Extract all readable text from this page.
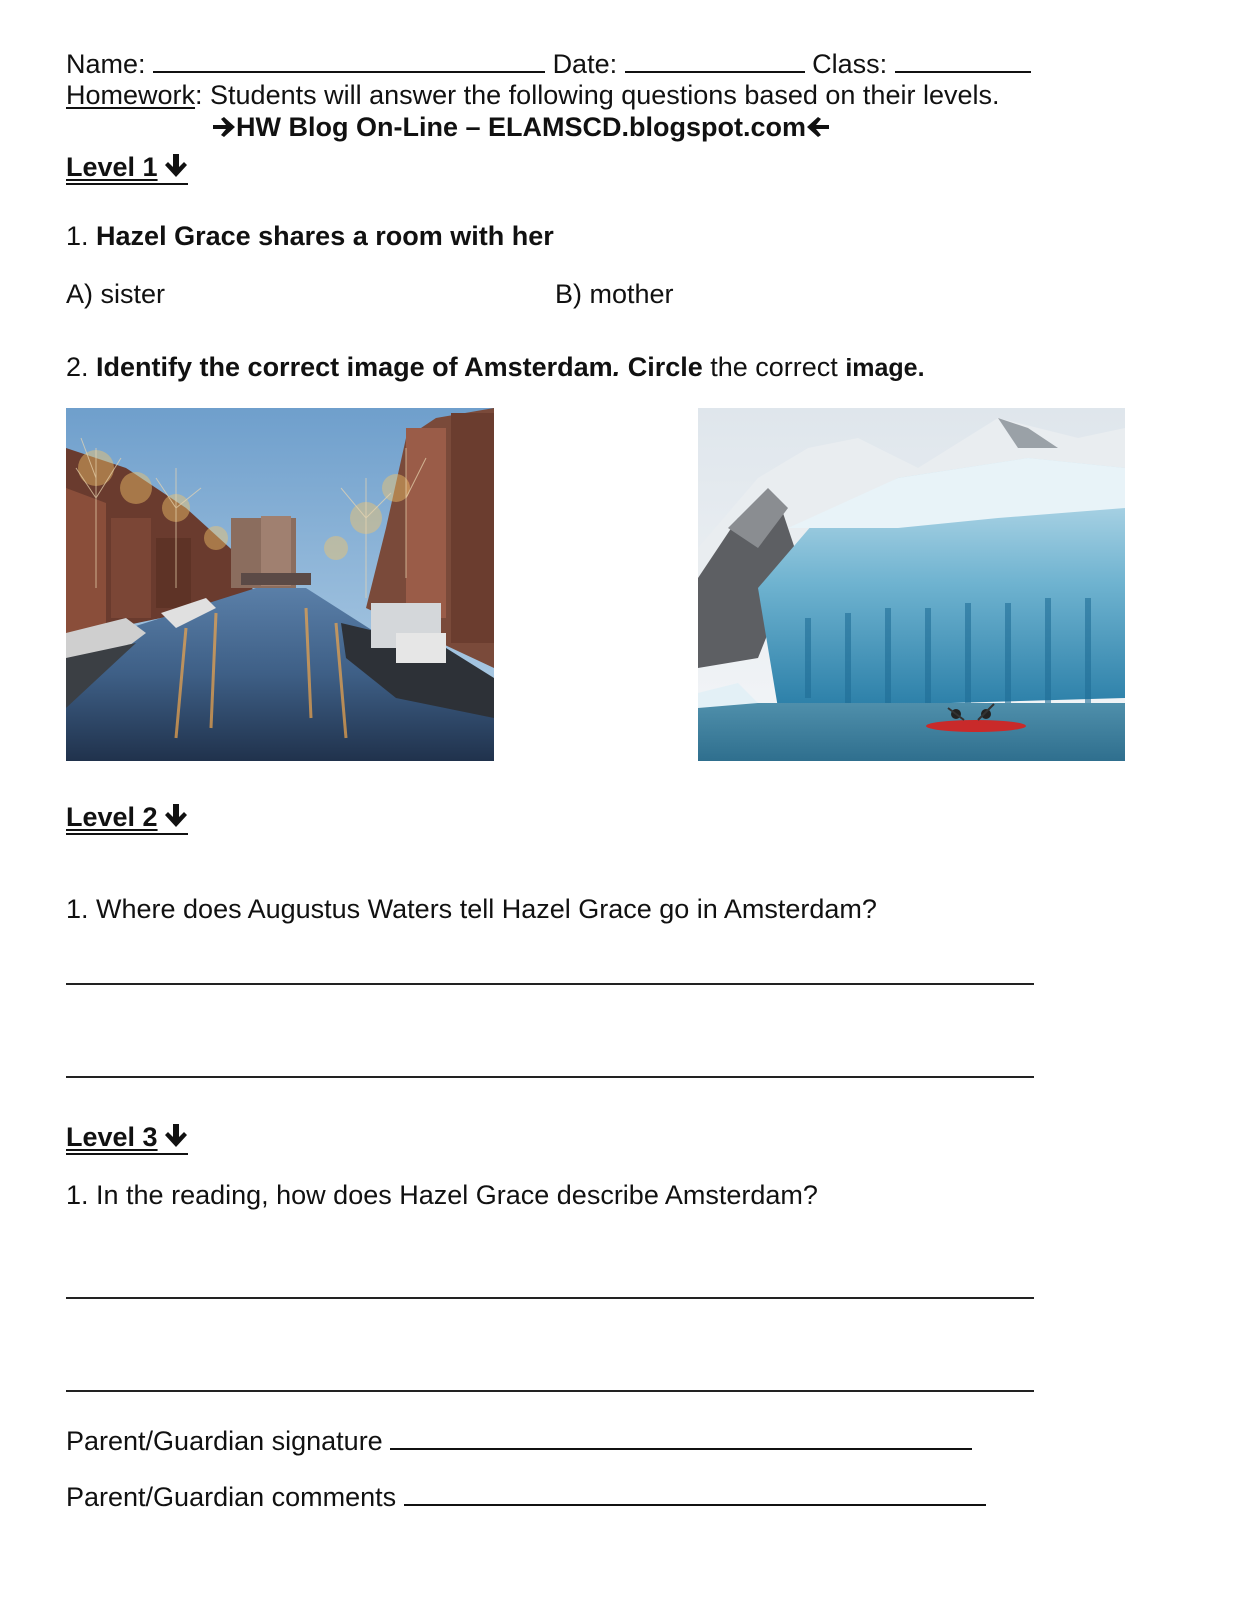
Name:	Date:	Class:
Homework: Students will answer the following questions based on their levels.
HW Blog On-Line – ELAMSCD.blogspot.com
Level 1
1. Hazel Grace shares a room with her
A) sister	B) mother
2. Identify the correct image of Amsterdam. Circle the correct image.
Level 2
1. Where does Augustus Waters tell Hazel Grace go in Amsterdam?
Level 3
1. In the reading, how does Hazel Grace describe Amsterdam?
Parent/Guardian signature
Parent/Guardian comments
